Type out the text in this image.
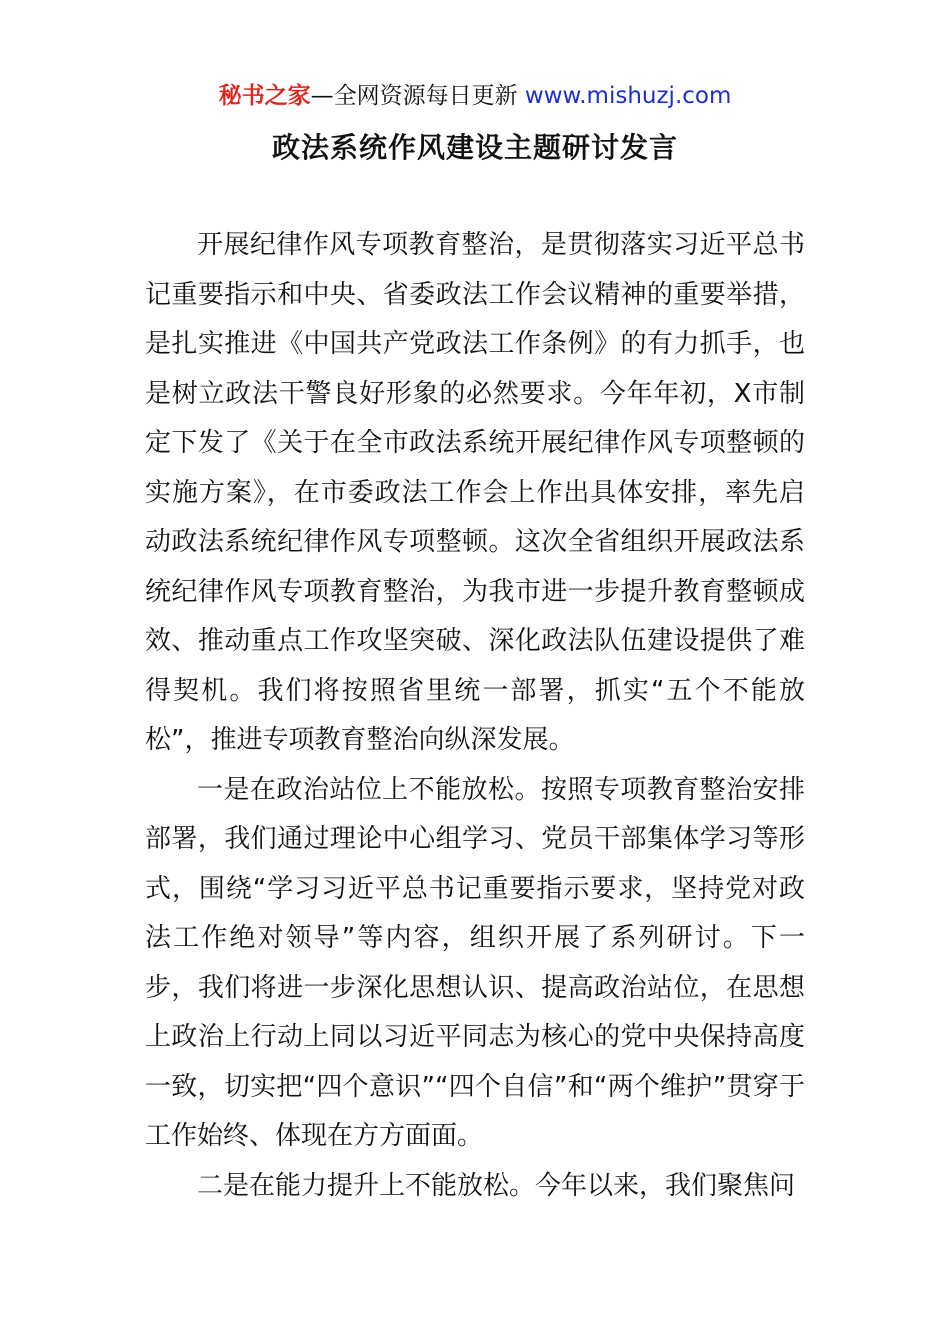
秘书之家—全网资源每日更新 www.mishuzj.com
政法系统作风建设主题研讨发言

开展纪律作风专项教育整治，是贯彻落实习近平总书记重要指示和中央、省委政法工作会议精神的重要举措，是扎实推进《中国共产党政法工作条例》的有力抓手，也是树立政法干警良好形象的必然要求。今年年初，X市制定下发了《关于在全市政法系统开展纪律作风专项整顿的实施方案》，在市委政法工作会上作出具体安排，率先启动政法系统纪律作风专项整顿。这次全省组织开展政法系统纪律作风专项教育整治，为我市进一步提升教育整顿成效、推动重点工作攻坚突破、深化政法队伍建设提供了难得契机。我们将按照省里统一部署，抓实“五个不能放松”，推进专项教育整治向纵深发展。

一是在政治站位上不能放松。按照专项教育整治安排部署，我们通过理论中心组学习、党员干部集体学习等形式，围绕“学习习近平总书记重要指示要求，坚持党对政法工作绝对领导”等内容，组织开展了系列研讨。下一步，我们将进一步深化思想认识、提高政治站位，在思想上政治上行动上同以习近平同志为核心的党中央保持高度一致，切实把“四个意识”“四个自信”和“两个维护”贯穿于工作始终、体现在方方面面。

二是在能力提升上不能放松。今年以来，我们聚焦问
